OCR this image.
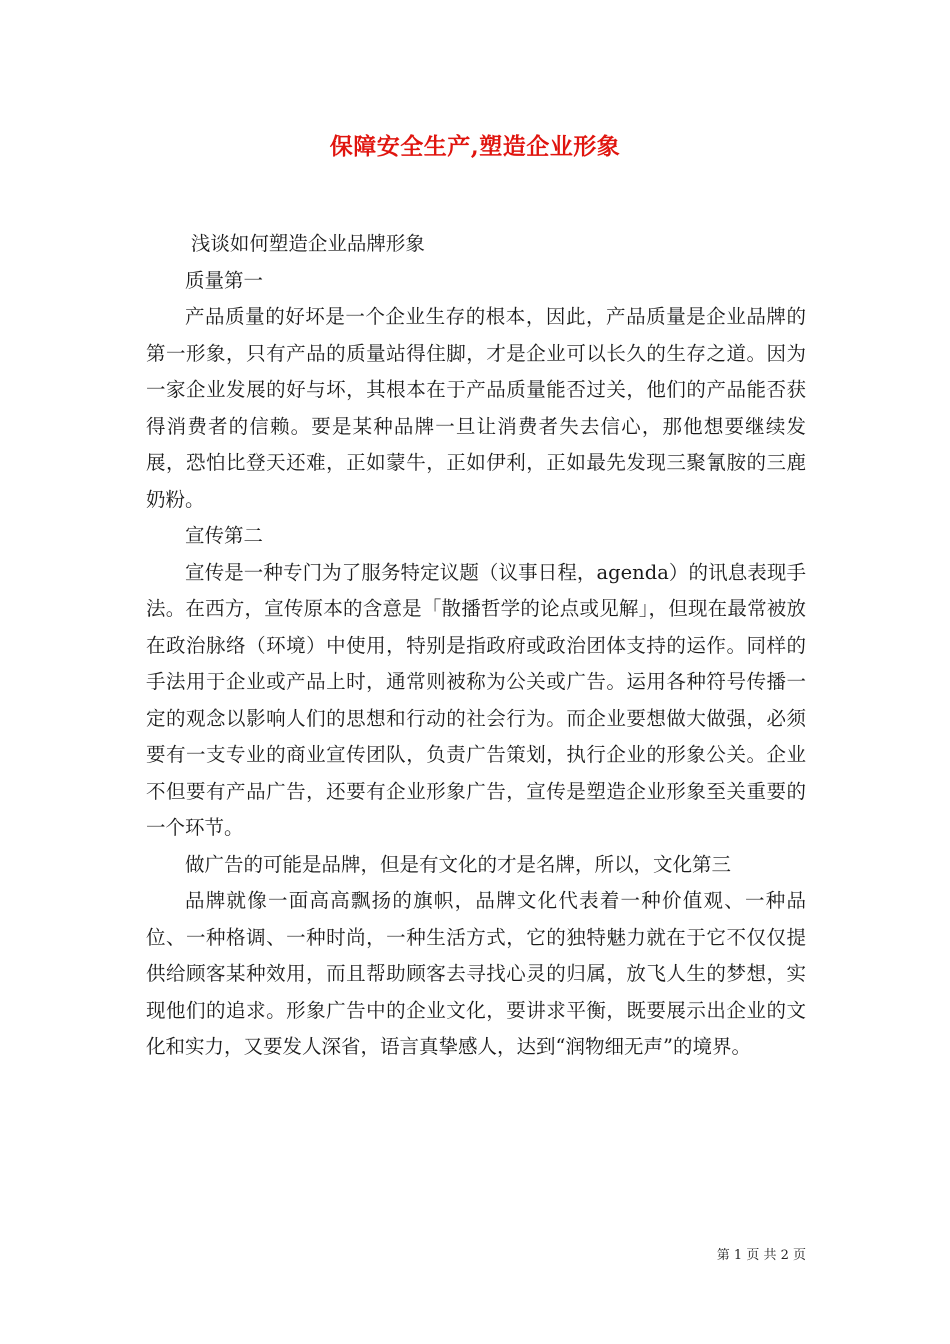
保障安全生产,塑造企业形象

浅谈如何塑造企业品牌形象

质量第一

产品质量的好坏是一个企业生存的根本，因此，产品质量是企业品牌的第一形象，只有产品的质量站得住脚，才是企业可以长久的生存之道。因为一家企业发展的好与坏，其根本在于产品质量能否过关，他们的产品能否获得消费者的信赖。要是某种品牌一旦让消费者失去信心，那他想要继续发展，恐怕比登天还难，正如蒙牛，正如伊利，正如最先发现三聚氰胺的三鹿奶粉。

宣传第二

宣传是一种专门为了服务特定议题（议事日程，agenda）的讯息表现手法。在西方，宣传原本的含意是「散播哲学的论点或见解」，但现在最常被放在政治脉络（环境）中使用，特别是指政府或政治团体支持的运作。同样的手法用于企业或产品上时，通常则被称为公关或广告。运用各种符号传播一定的观念以影响人们的思想和行动的社会行为。而企业要想做大做强，必须要有一支专业的商业宣传团队，负责广告策划，执行企业的形象公关。企业不但要有产品广告，还要有企业形象广告，宣传是塑造企业形象至关重要的一个环节。

做广告的可能是品牌，但是有文化的才是名牌，所以，文化第三

品牌就像一面高高飘扬的旗帜，品牌文化代表着一种价值观、一种品位、一种格调、一种时尚，一种生活方式，它的独特魅力就在于它不仅仅提供给顾客某种效用，而且帮助顾客去寻找心灵的归属，放飞人生的梦想，实现他们的追求。形象广告中的企业文化，要讲求平衡，既要展示出企业的文化和实力，又要发人深省，语言真挚感人，达到“润物细无声”的境界。

第 1 页 共 2 页
